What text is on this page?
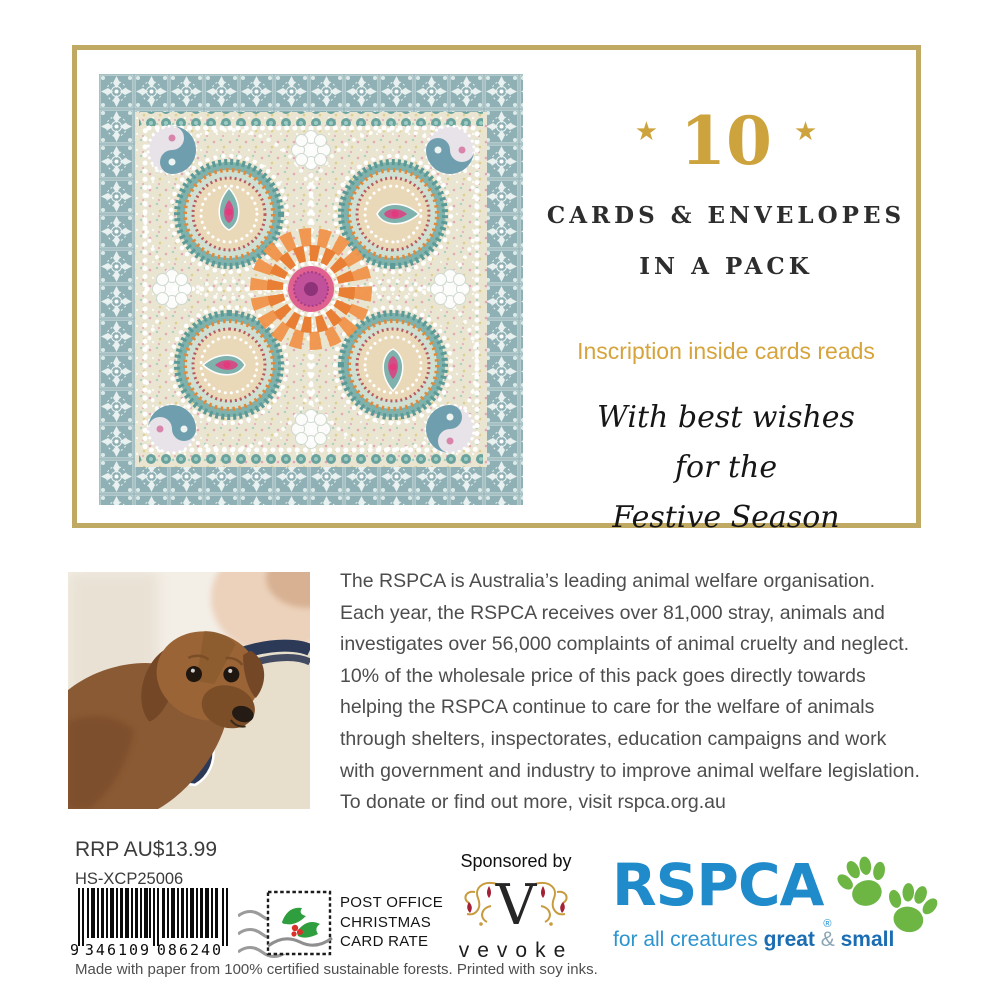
★ 10 ★
CARDS & ENVELOPES
IN A PACK
Inscription inside cards reads
With best wishes
for the
Festive Season
The RSPCA is Australia’s leading animal welfare organisation.
Each year, the RSPCA receives over 81,000 stray, animals and
investigates over 56,000 complaints of animal cruelty and neglect.
10% of the wholesale price of this pack goes directly towards
helping the RSPCA continue to care for the welfare of animals
through shelters, inspectorates, education campaigns and work
with government and industry to improve animal welfare legislation.
To donate or find out more, visit rspca.org.au
RRP AU$13.99
HS-XCP25006
9 346109 086240
POST OFFICE
CHRISTMAS
CARD RATE
Sponsored by
V
vevoke
$RSPCA_®$
for all creatures great & small
Made with paper from 100% certified sustainable forests. Printed with soy inks.
